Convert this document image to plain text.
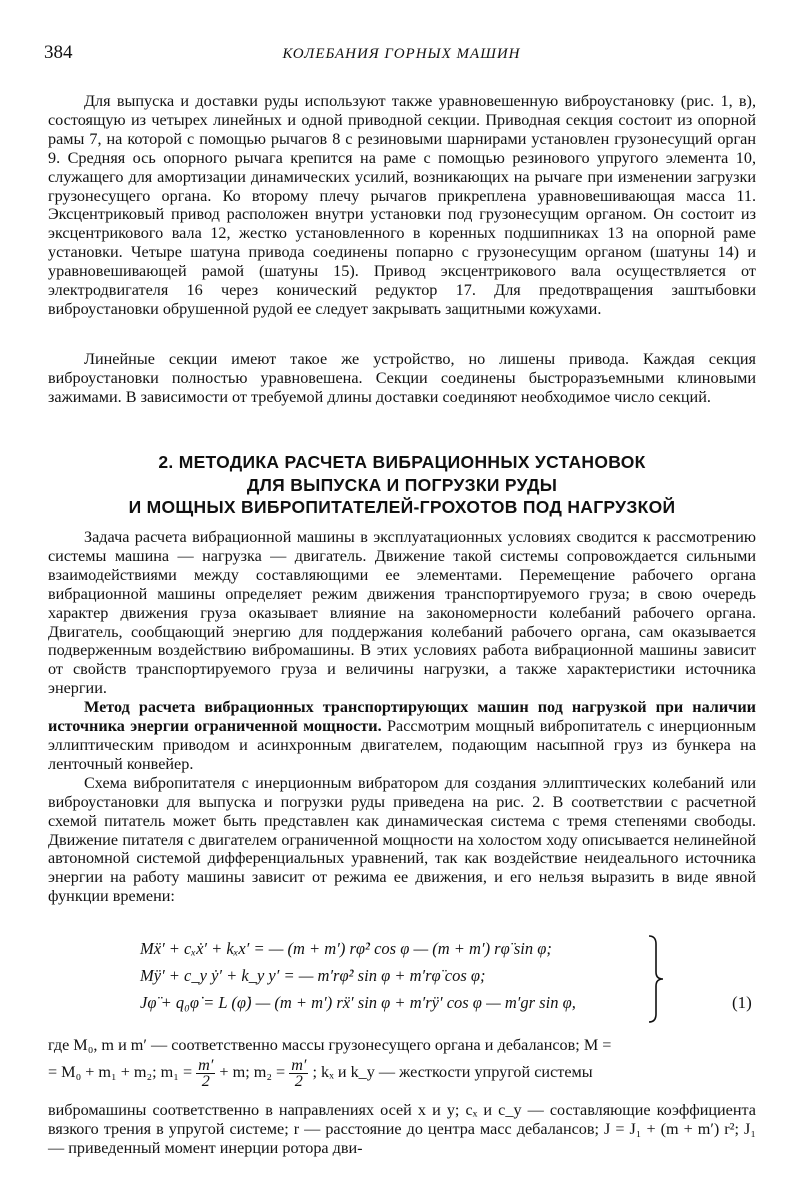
384	КОЛЕБАНИЯ ГОРНЫХ МАШИН

Для выпуска и доставки руды используют также уравновешенную виброустановку (рис. 1, в), состоящую из четырех линейных и одной приводной секции. Приводная секция состоит из опорной рамы 7, на которой с помощью рычагов 8 с резиновыми шарнирами установлен грузонесущий орган 9. Средняя ось опорного рычага крепится на раме с помощью резинового упругого элемента 10, служащего для амортизации динамических усилий, возникающих на рычаге при изменении загрузки грузонесущего органа. Ко второму плечу рычагов прикреплена уравновешивающая масса 11. Эксцентриковый привод расположен внутри установки под грузонесущим органом. Он состоит из эксцентрикового вала 12, жестко установленного в коренных подшипниках 13 на опорной раме установки. Четыре шатуна привода соединены попарно с грузонесущим органом (шатуны 14) и уравновешивающей рамой (шатуны 15). Привод эксцентрикового вала осуществляется от электродвигателя 16 через конический редуктор 17. Для предотвращения заштыбовки виброустановки обрушенной рудой ее следует закрывать защитными кожухами.

Линейные секции имеют такое же устройство, но лишены привода. Каждая секция виброустановки полностью уравновешена. Секции соединены быстроразъемными клиновыми зажимами. В зависимости от требуемой длины доставки соединяют необходимое число секций.

2. МЕТОДИКА РАСЧЕТА ВИБРАЦИОННЫХ УСТАНОВОК
ДЛЯ ВЫПУСКА И ПОГРУЗКИ РУДЫ
И МОЩНЫХ ВИБРОПИТАТЕЛЕЙ-ГРОХОТОВ ПОД НАГРУЗКОЙ

Задача расчета вибрационной машины в эксплуатационных условиях сводится к рассмотрению системы машина — нагрузка — двигатель. Движение такой системы сопровождается сильными взаимодействиями между составляющими ее элементами. Перемещение рабочего органа вибрационной машины определяет режим движения транспортируемого груза; в свою очередь характер движения груза оказывает влияние на закономерности колебаний рабочего органа. Двигатель, сообщающий энергию для поддержания колебаний рабочего органа, сам оказывается подверженным воздействию вибромашины. В этих условиях работа вибрационной машины зависит от свойств транспортируемого груза и величины нагрузки, а также характеристики источника энергии.

Метод расчета вибрационных транспортирующих машин под нагрузкой при наличии источника энергии ограниченной мощности. Рассмотрим мощный вибропитатель с инерционным эллиптическим приводом и асинхронным двигателем, подающим насыпной груз из бункера на ленточный конвейер.

Схема вибропитателя с инерционным вибратором для создания эллиптических колебаний или виброустановки для выпуска и погрузки руды приведена на рис. 2. В соответствии с расчетной схемой питатель может быть представлен как динамическая система с тремя степенями свободы. Движение питателя с двигателем ограниченной мощности на холостом ходу описывается нелинейной автономной системой дифференциальных уравнений, так как воздействие неидеального источника энергии на работу машины зависит от режима ее движения, и его нельзя выразить в виде явной функции времени:

Mẍ′ + cₓẋ′ + kₓx′ = — (m + m′) rφ̇² cos φ — (m + m′) rφ̈ sin φ;
Mÿ′ + c_y ẏ′ + k_y y′ = — m′rφ̇² sin φ + m′rφ̈ cos φ;
Jφ̈ + q₀φ̇ = L (φ̇) — (m + m′) rẍ′ sin φ + m′rÿ′ cos φ — m′gr sin φ,	(1)
где M₀, m и m′ — соответственно массы грузонесущего органа и дебалансов; M =
= M₀ + m₁ + m₂; $m_1 = \frac{m'}{2} + m$; $m_2 = \frac{m'}{2}$ ; kₓ и k_y — жесткости упругой системы
вибромашины соответственно в направлениях осей x и y; cₓ и c_y — составляющие коэффициента вязкого трения в упругой системе; r — расстояние до центра масс дебалансов; J = J₁ + (m + m′) r²; J₁ — приведенный момент инерции ротора дви-
